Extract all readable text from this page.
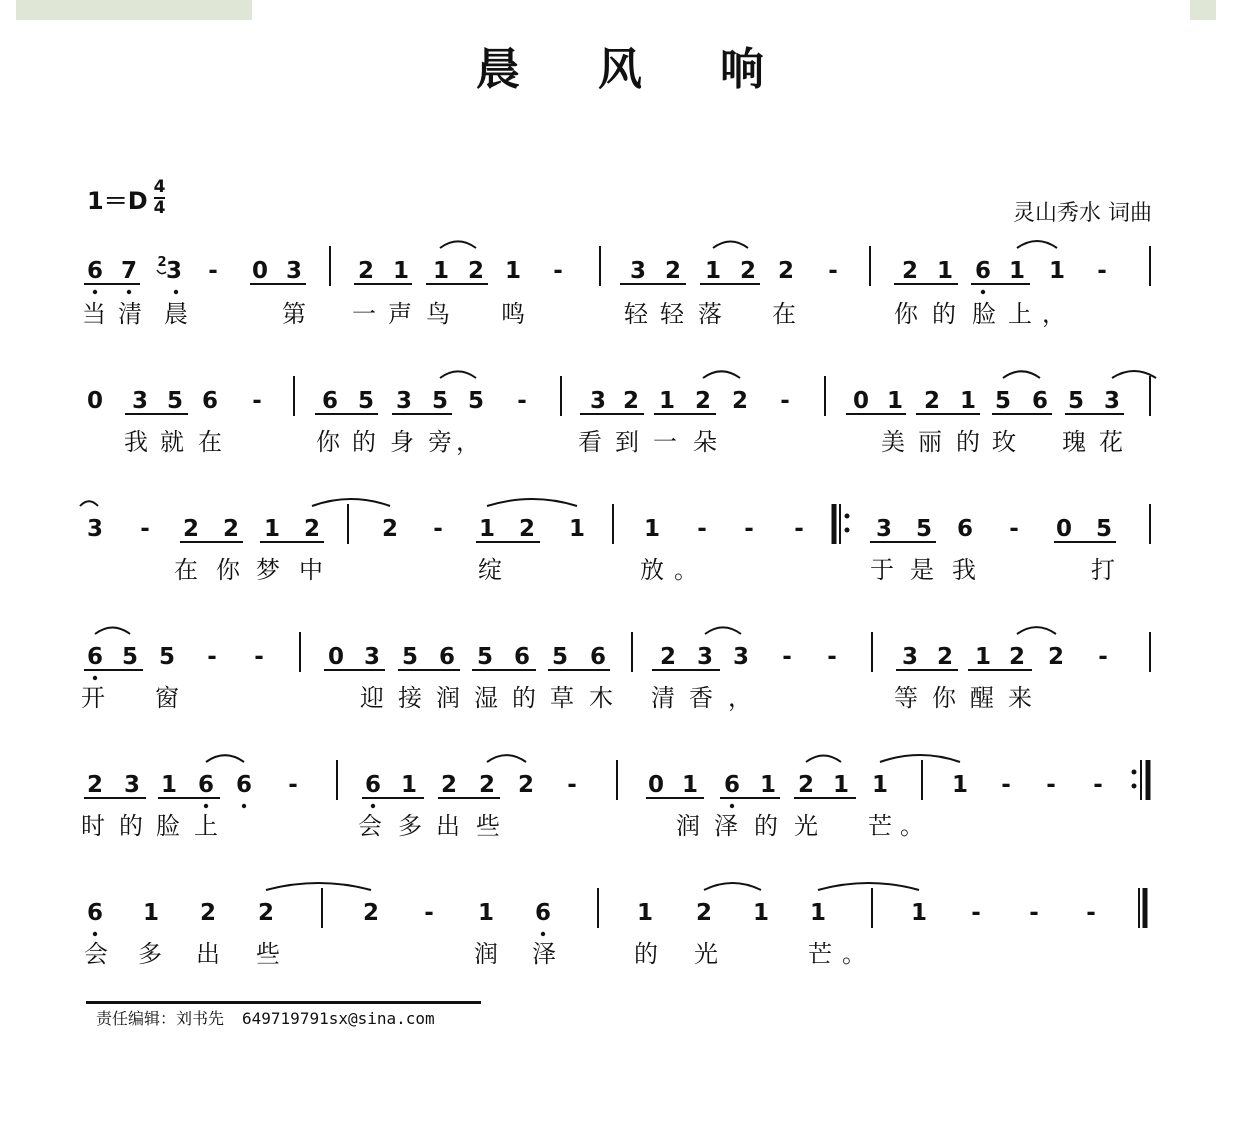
晨风响
$1=D \frac{4}{4}$	灵山秀水 词曲
6 7 3 - 0 3 2 1 1 2 1 -	3 2 1 2 2 -	2 1 6 1 1 -
当 清 晨	第 一 声 鸟 鸣	轻 轻 落 在	你 的 脸 上 ，
0 3 5 6 -	6 5 3 5 5 -	3 2 1 2 2 -	0 1 2 1 5 6 5 3
我 就 在	你 的 身 旁 ，	看 到 一 朵	美 丽 的 玫 瑰 花
3 - 2 2 1 2	2 - 1 2 1	1 - - -	3 5 6 - 0 5
在 你 梦 中	绽	放 。	于 是 我	打
6 5 5 - -	0 3 5 6 5 6 5 6 2 3 3 - -	3 2 1 2 2 -
开 窗	迎 接 润 湿 的 草 木 清 香 ，	等 你 醒 来
2 3 1 6 6 -	6 1 2 2 2 -	0 1 6 1 2 1 1	1 - - -
时 的 脸 上	会 多 出 些	润 泽 的 光 芒 。
6 1 2 2	2 - 1 6	1 2 1 1	1 - - -
会 多 出 些	润 泽	的 光	芒 。
2
责任编辑：刘书先 649719791sx@sina.com
